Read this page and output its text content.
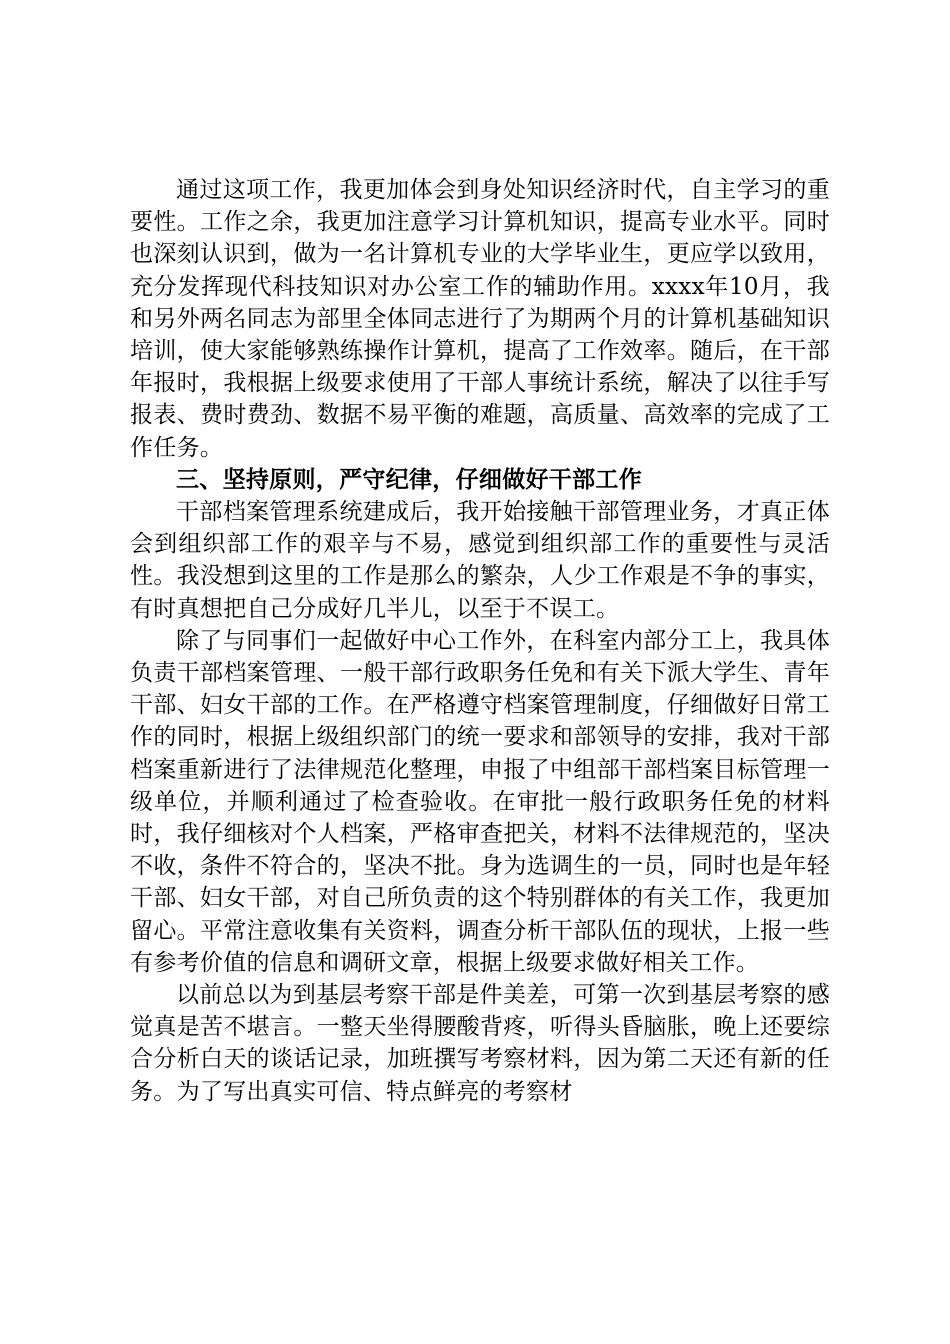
通过这项工作，我更加体会到身处知识经济时代，自主学习的重要性。工作之余，我更加注意学习计算机知识，提高专业水平。同时也深刻认识到，做为一名计算机专业的大学毕业生，更应学以致用，充分发挥现代科技知识对办公室工作的辅助作用。xxxx年10月，我和另外两名同志为部里全体同志进行了为期两个月的计算机基础知识培训，使大家能够熟练操作计算机，提高了工作效率。随后，在干部年报时，我根据上级要求使用了干部人事统计系统，解决了以往手写报表、费时费劲、数据不易平衡的难题，高质量、高效率的完成了工作任务。

三、坚持原则，严守纪律，仔细做好干部工作

干部档案管理系统建成后，我开始接触干部管理业务，才真正体会到组织部工作的艰辛与不易，感觉到组织部工作的重要性与灵活性。我没想到这里的工作是那么的繁杂，人少工作艰是不争的事实，有时真想把自己分成好几半儿，以至于不误工。

除了与同事们一起做好中心工作外，在科室内部分工上，我具体负责干部档案管理、一般干部行政职务任免和有关下派大学生、青年干部、妇女干部的工作。在严格遵守档案管理制度，仔细做好日常工作的同时，根据上级组织部门的统一要求和部领导的安排，我对干部档案重新进行了法律规范化整理，申报了中组部干部档案目标管理一级单位，并顺利通过了检查验收。在审批一般行政职务任免的材料时，我仔细核对个人档案，严格审查把关，材料不法律规范的，坚决不收，条件不符合的，坚决不批。身为选调生的一员，同时也是年轻干部、妇女干部，对自己所负责的这个特别群体的有关工作，我更加留心。平常注意收集有关资料，调查分析干部队伍的现状，上报一些有参考价值的信息和调研文章，根据上级要求做好相关工作。

以前总以为到基层考察干部是件美差，可第一次到基层考察的感觉真是苦不堪言。一整天坐得腰酸背疼，听得头昏脑胀，晚上还要综合分析白天的谈话记录，加班撰写考察材料，因为第二天还有新的任务。为了写出真实可信、特点鲜亮的考察材
